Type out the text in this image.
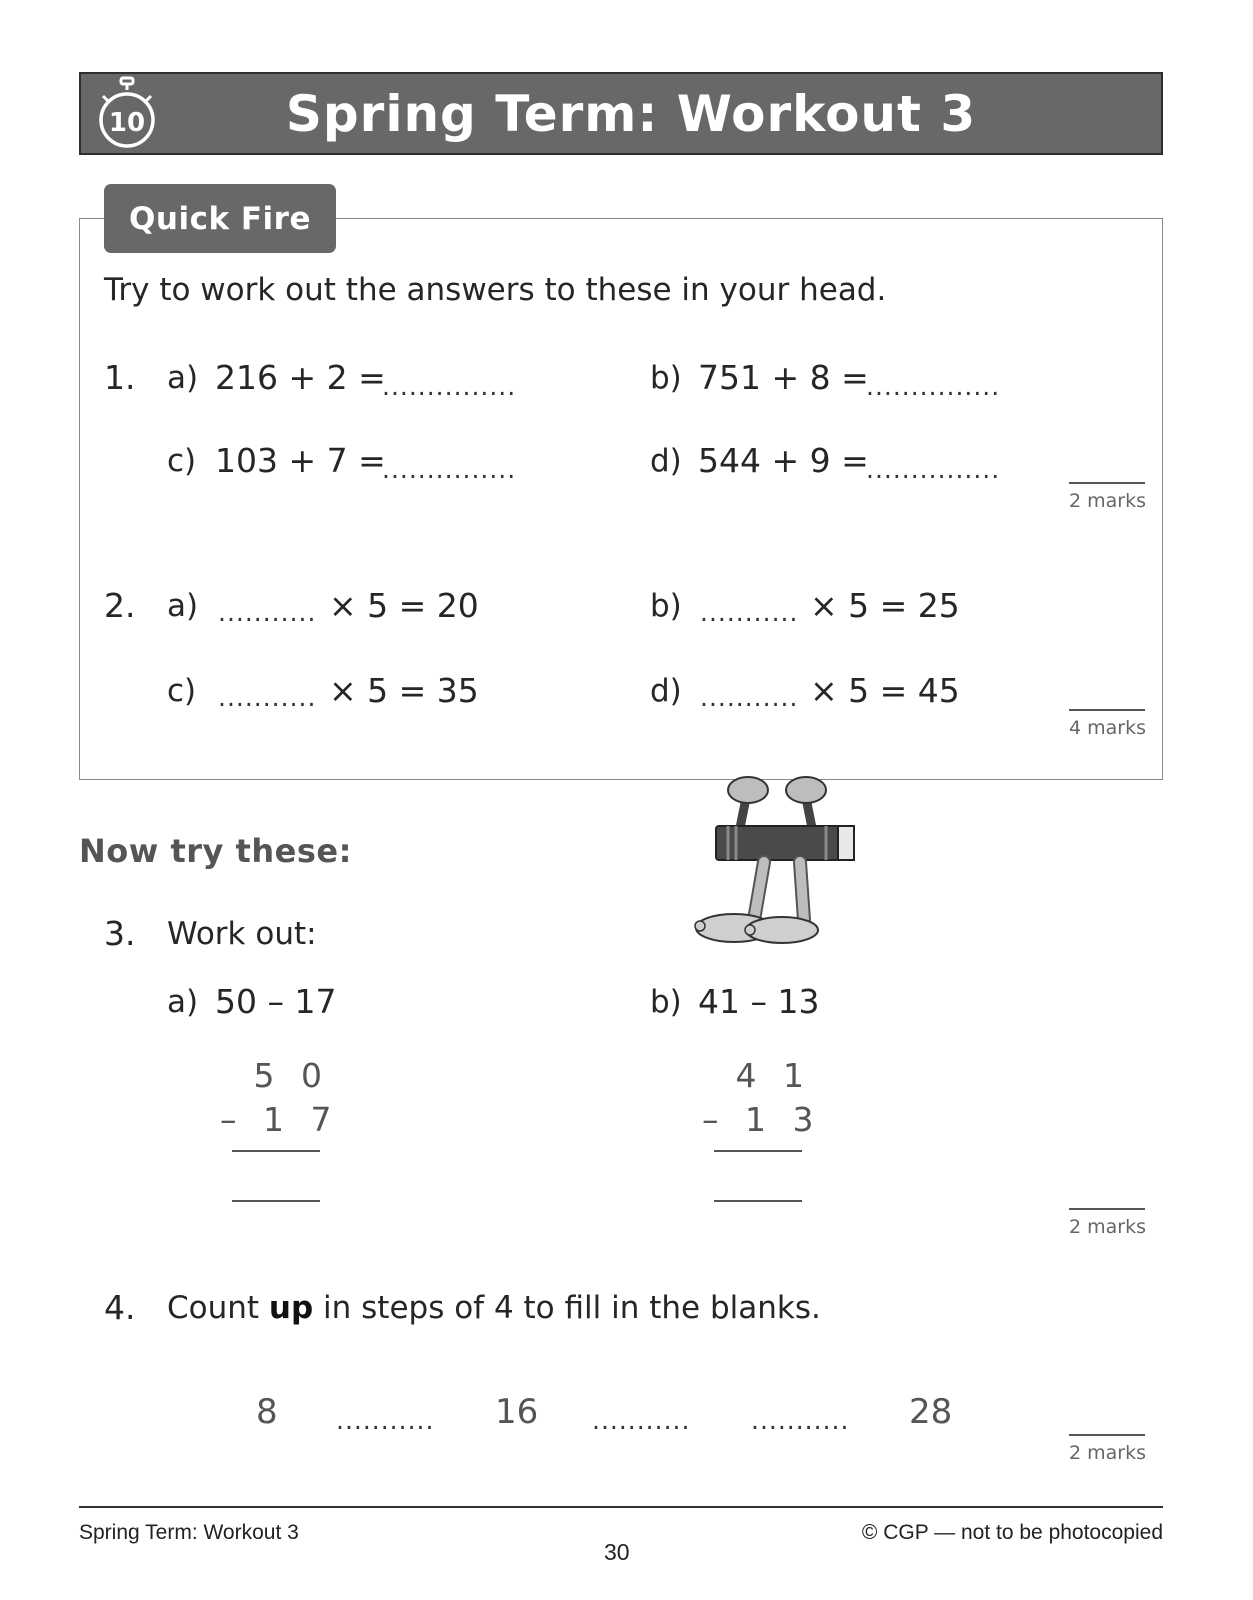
10	Spring Term: Workout 3
Quick Fire
Try to work out the answers to these in your head.
1. a) 216 + 2 =
...............	b) 751 + 8 =
...............
c) 103 + 7 =
...............	d) 544 + 9 =
...............
2 marks
2. a) ........... × 5 = 20	b) ........... × 5 = 25
c) ........... × 5 = 35	d) ........... × 5 = 45
4 marks
Now try these:
3. Work out:
a) 50 – 17	b) 41 – 13
5 0
– 1 7
4 1
– 1 3
2 marks
4. Count up in steps of 4 to fill in the blanks.
8 ........... 16 ........... ........... 28
2 marks
Spring Term: Workout 3	© CGP — not to be photocopied
30
